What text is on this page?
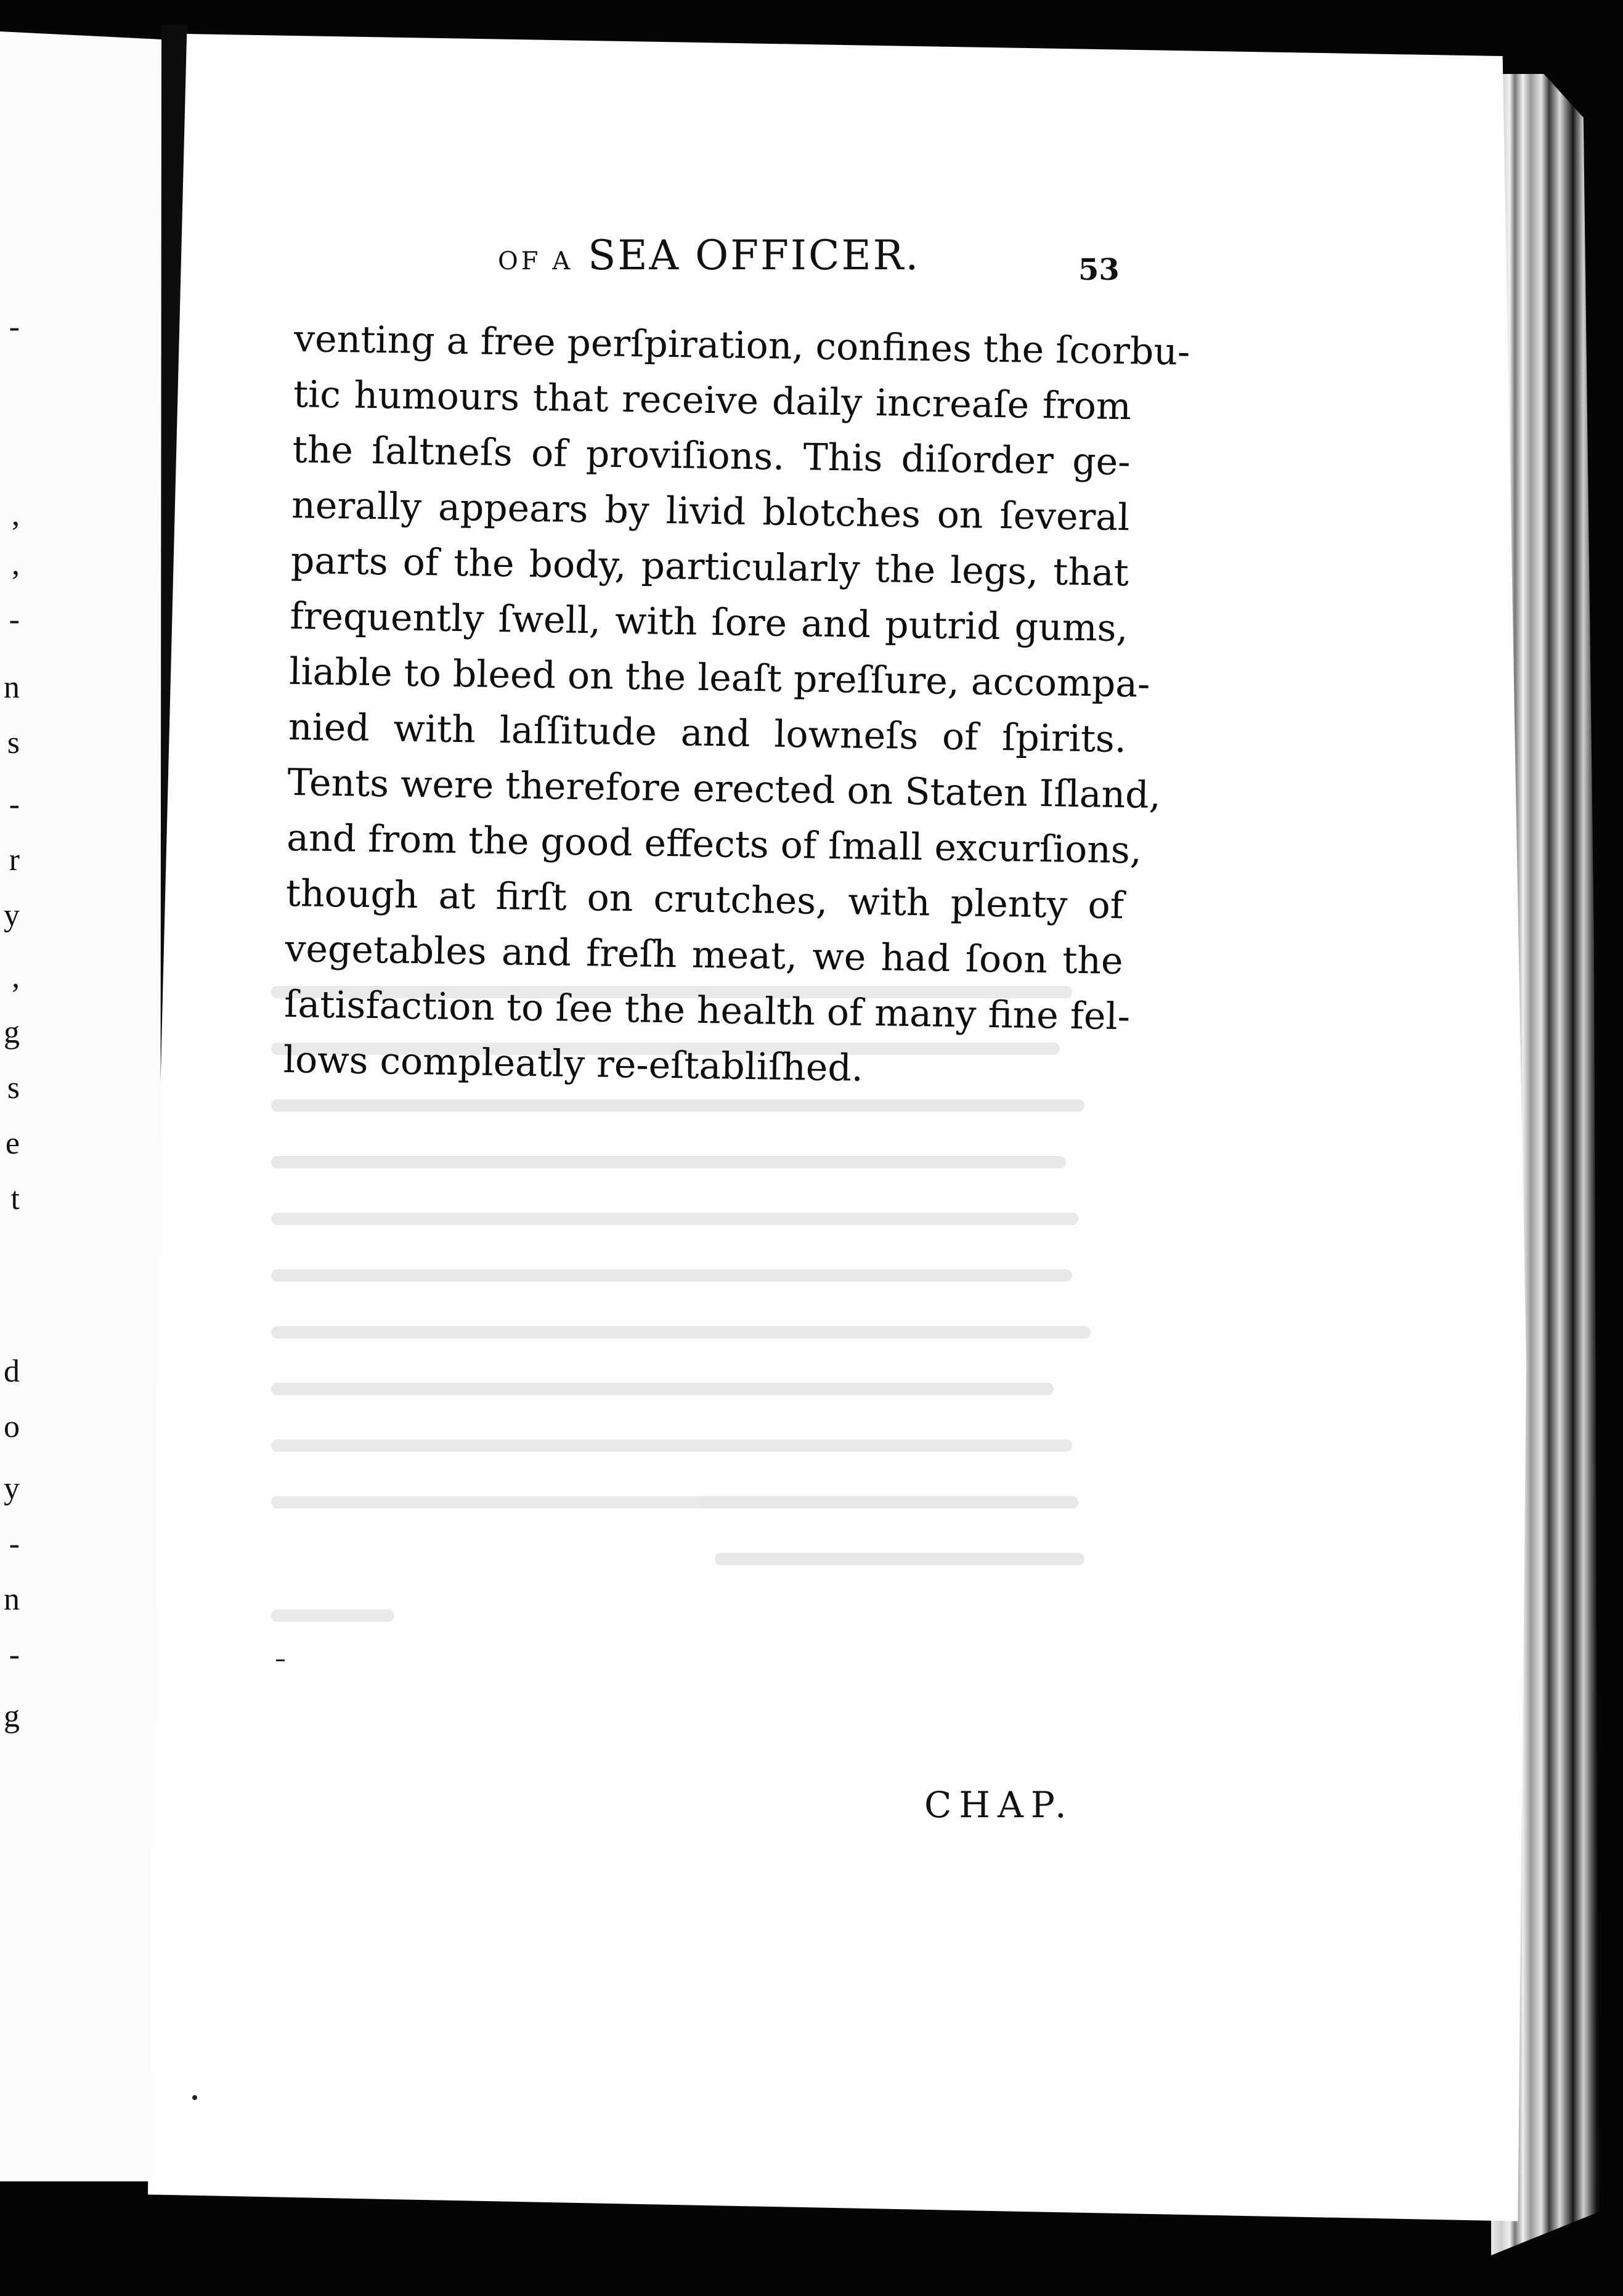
-
,
,
-
n
s
-
r
y
,
g
s
e
t
d
o
y
-
n
-
g
OF A SEA OFFICER.	53
venting a free perſpiration, confines the ſcorbu-
tic humours that receive daily increaſe from
the ſaltneſs of proviſions. This diſorder ge-
nerally appears by livid blotches on ſeveral
parts of the body, particularly the legs, that
frequently ſwell, with ſore and putrid gums,
liable to bleed on the leaſt preſſure, accompa-
nied with laſſitude and lowneſs of ſpirits.
Tents were therefore erected on Staten Iſland,
and from the good effects of ſmall excurſions,
though at firſt on crutches, with plenty of
vegetables and freſh meat, we had ſoon the
ſatisfaction to ſee the health of many fine fel-
lows compleatly re-eſtabliſhed.
CHAP.
